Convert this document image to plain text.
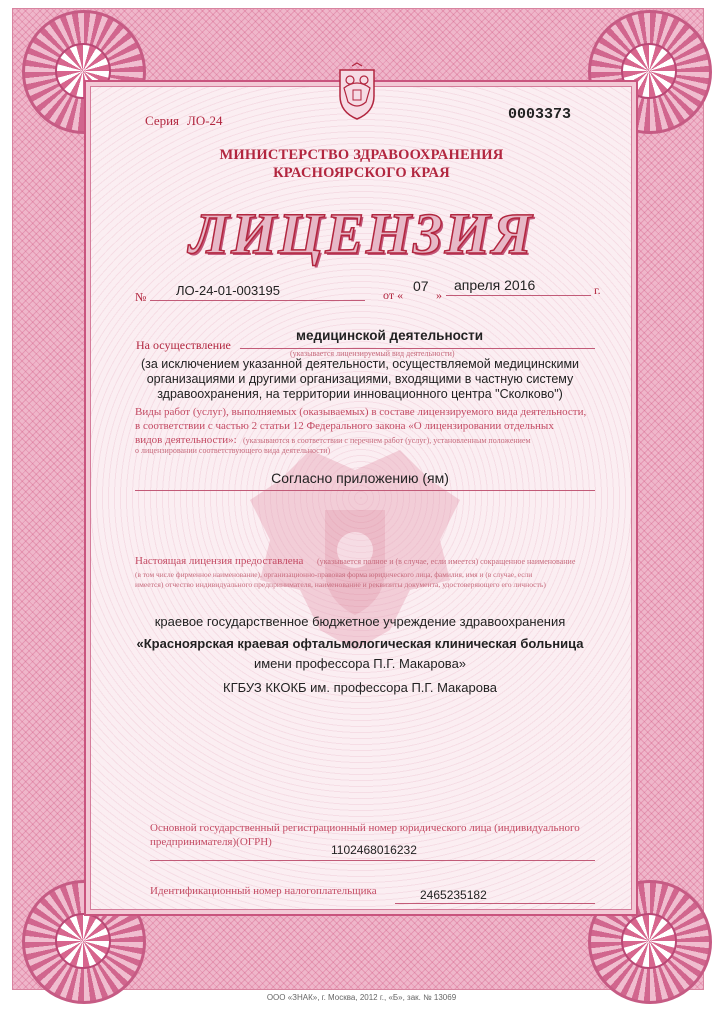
Серия ЛО-24	0003373
МИНИСТЕРСТВО ЗДРАВООХРАНЕНИЯ
КРАСНОЯРСКОГО КРАЯ
ЛИЦЕНЗИЯ
№ ЛО-24-01-003195	от «
07
»
апреля 2016	г.
На осуществление
медицинской деятельности
(указывается лицензируемый вид деятельности)
(за исключением указанной деятельности, осуществляемой медицинскими
организациями и другими организациями, входящими в частную систему
здравоохранения, на территории инновационного центра "Сколково")
Виды работ (услуг), выполняемых (оказываемых) в составе лицензируемого вида деятельности,
в соответствии с частью 2 статьи 12 Федерального закона «О лицензировании отдельных
видов деятельности»: (указываются в соответствии с перечнем работ (услуг), установленным положением
о лицензировании соответствующего вида деятельности)
Согласно приложению (ям)
Настоящая лицензия предоставлена (указывается полное и (в случае, если имеется) сокращенное наименование
(в том числе фирменное наименование), организационно-правовая форма юридического лица, фамилия, имя и (в случае, если
имеется) отчество индивидуального предпринимателя, наименование и реквизиты документа, удостоверяющего его личность)
краевое государственное бюджетное учреждение здравоохранения
«Красноярская краевая офтальмологическая клиническая больница
имени профессора П.Г. Макарова»
КГБУЗ ККОКБ им. профессора П.Г. Макарова
Основной государственный регистрационный номер юридического лица (индивидуального
предпринимателя)(ОГРН)
1102468016232
Идентификационный номер налогоплательщика	2465235182
ООО «ЗНАК», г. Москва, 2012 г., «Б», зак. № 13069
